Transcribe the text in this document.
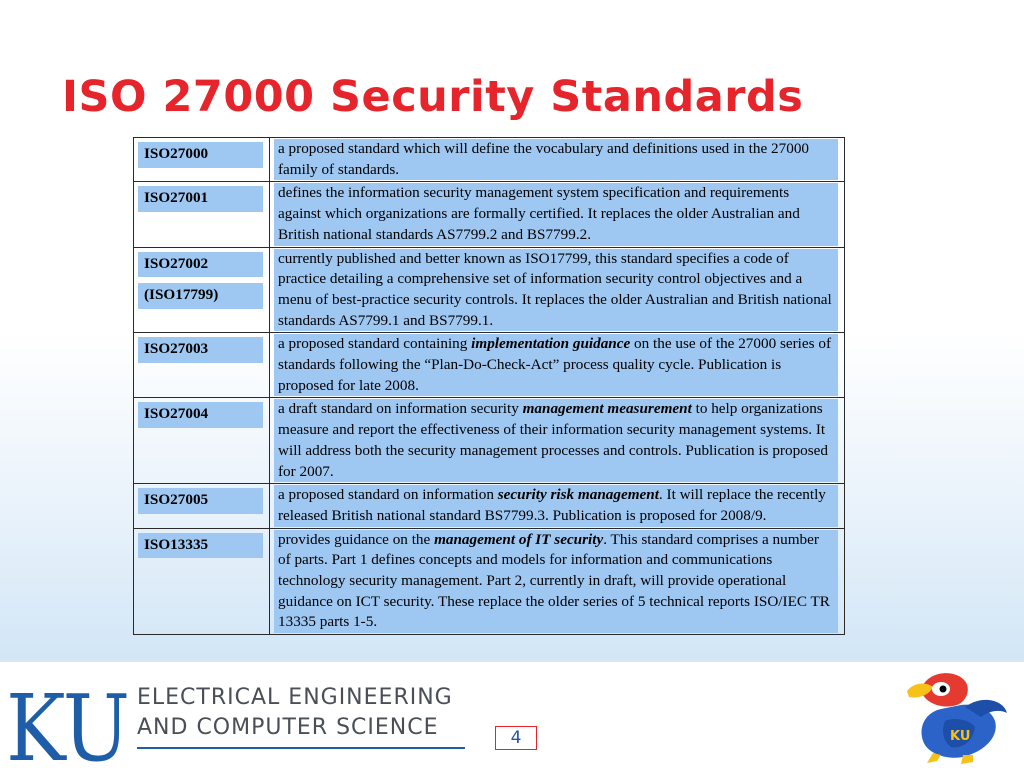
ISO 27000 Security Standards
ISO27000	a proposed standard which will define the vocabulary and definitions used in the 27000 family of standards.

ISO27001	defines the information security management system specification and requirements against which organizations are formally certified. It replaces the older Australian and British national standards AS7799.2 and BS7799.2.

ISO27002
(ISO17799)	currently published and better known as ISO17799, this standard specifies a code of practice detailing a comprehensive set of information security control objectives and a menu of best-practice security controls. It replaces the older Australian and British national standards AS7799.1 and BS7799.1.

ISO27003	a proposed standard containing implementation guidance on the use of the 27000 series of standards following the “Plan-Do-Check-Act” process quality cycle. Publication is proposed for late 2008.

ISO27004	a draft standard on information security management measurement to help organizations measure and report the effectiveness of their information security management systems. It will address both the security management processes and controls. Publication is proposed for 2007.

ISO27005	a proposed standard on information security risk management. It will replace the recently released British national standard BS7799.3. Publication is proposed for 2008/9.

ISO13335	provides guidance on the management of IT security. This standard comprises a number of parts. Part 1 defines concepts and models for information and communications technology security management. Part 2, currently in draft, will provide operational guidance on ICT security. These replace the older series of 5 technical reports ISO/IEC TR 13335 parts 1-5.
KU ELECTRICAL ENGINEERING
AND COMPUTER SCIENCE	4	KU
